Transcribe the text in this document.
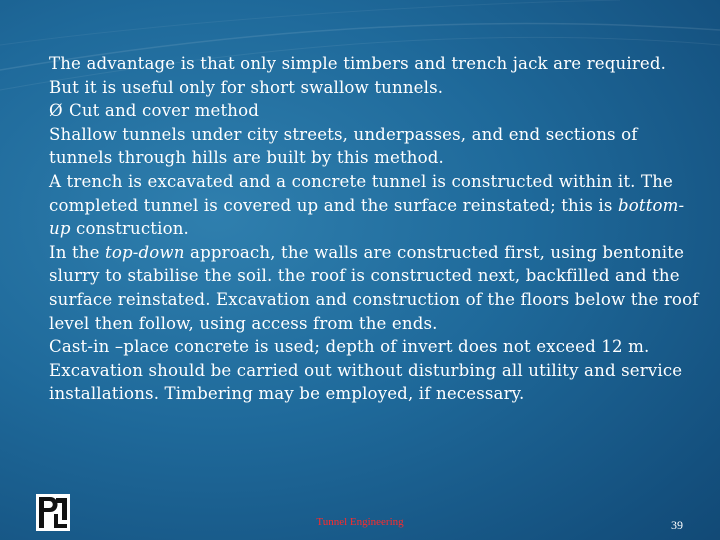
The advantage is that only simple timbers and trench jack are required.

But it is useful only for short swallow tunnels.

Ø Cut and cover method

Shallow tunnels under city streets, underpasses, and end sections of tunnels through hills are built by this method.

A trench is excavated and a concrete tunnel is constructed within it. The completed tunnel is covered up and the surface reinstated; this is bottom-up construction.

In the top-down approach, the walls are constructed first, using bentonite slurry to stabilise the soil. the roof is constructed next, backfilled and the surface reinstated. Excavation and construction of the floors below the roof level then follow, using access from the ends.

Cast-in –place concrete is used; depth of invert does not exceed 12 m.

Excavation should be carried out without disturbing all utility and service installations. Timbering may be employed, if necessary.

Tunnel Engineering	39
